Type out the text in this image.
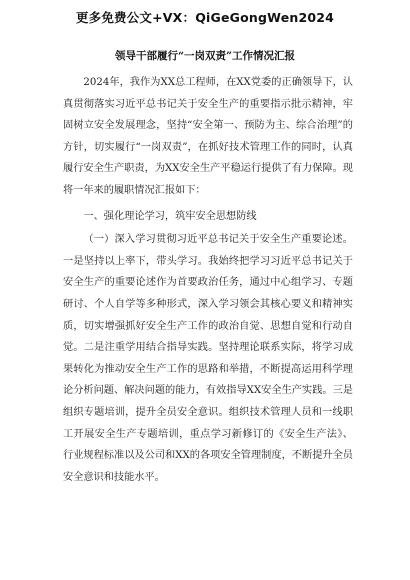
更多免费公文+VX：QiGeGongWen2024
领导干部履行“一岗双责”工作情况汇报

2024年，我作为XX总工程师，在XX党委的正确领导下，认真贯彻落实习近平总书记关于安全生产的重要指示批示精神，牢固树立安全发展理念，坚持“安全第一、预防为主、综合治理”的方针，切实履行“一岗双责”，在抓好技术管理工作的同时，认真履行安全生产职责，为XX安全生产平稳运行提供了有力保障。现将一年来的履职情况汇报如下：

一、强化理论学习，筑牢安全思想防线

（一）深入学习贯彻习近平总书记关于安全生产重要论述。一是坚持以上率下，带头学习。我始终把学习习近平总书记关于安全生产的重要论述作为首要政治任务，通过中心组学习、专题研讨、个人自学等多种形式，深入学习领会其核心要义和精神实质，切实增强抓好安全生产工作的政治自觉、思想自觉和行动自觉。二是注重学用结合指导实践。坚持理论联系实际，将学习成果转化为推动安全生产工作的思路和举措，不断提高运用科学理论分析问题、解决问题的能力，有效指导XX安全生产实践。三是组织专题培训，提升全员安全意识。组织技术管理人员和一线职工开展安全生产专题培训，重点学习新修订的《安全生产法》、行业规程标准以及公司和XX的各项安全管理制度，不断提升全员安全意识和技能水平。
